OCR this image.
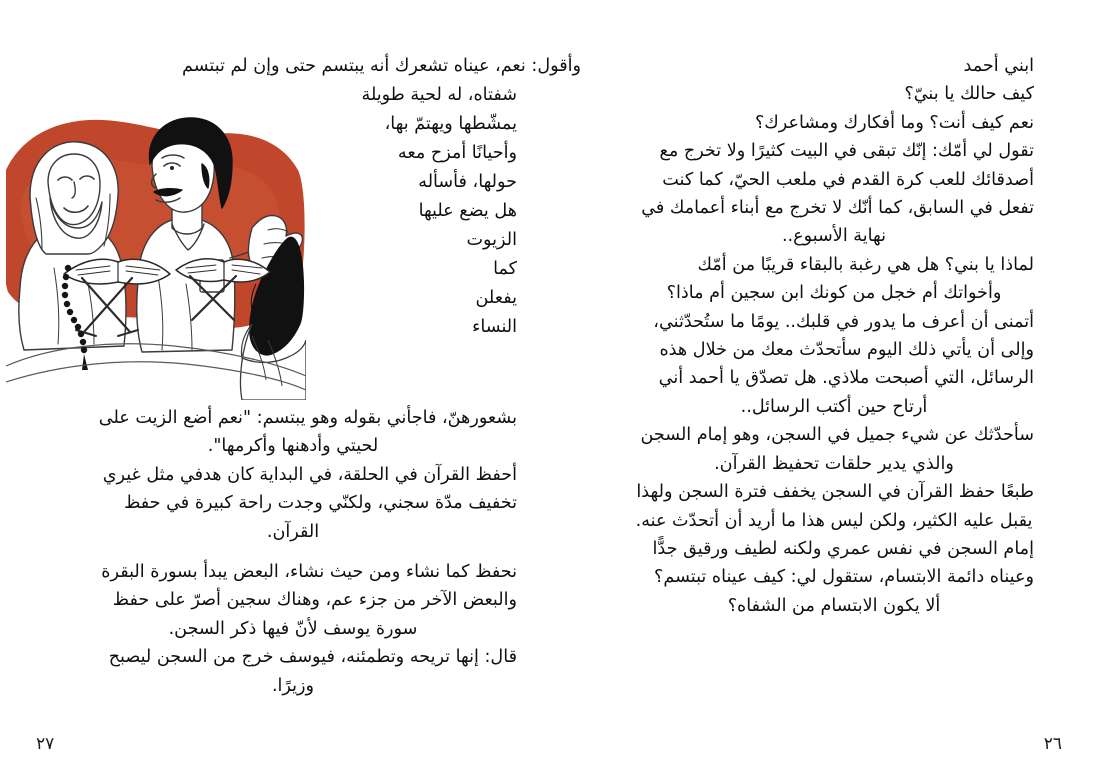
ابني أحمد

كيف حالك يا بنيّ؟

نعم كيف أنت؟ وما أفكارك ومشاعرك؟

تقول لي أمّك: إنّك تبقى في البيت كثيرًا ولا تخرج مع أصدقائك للعب كرة القدم في ملعب الحيّ، كما كنت تفعل في السابق، كما أنّك لا تخرج مع أبناء أعمامك في نهاية الأسبوع..

لماذا يا بني؟ هل هي رغبة بالبقاء قريبًا من أمّك وأخواتك أم خجل من كونك ابن سجين أم ماذا؟

أتمنى أن أعرف ما يدور في قلبك.. يومًا ما ستُحدّثني، وإلى أن يأتي ذلك اليوم سأتحدّث معك من خلال هذه الرسائل، التي أصبحت ملاذي. هل تصدّق يا أحمد أني أرتاح حين أكتب الرسائل..

سأحدّثك عن شيء جميل في السجن، وهو إمام السجن والذي يدير حلقات تحفيظ القرآن.

طبعًا حفظ القرآن في السجن يخفف فترة السجن ولهذا يقبل عليه الكثير، ولكن ليس هذا ما أريد أن أتحدّث عنه.

إمام السجن في نفس عمري ولكنه لطيف ورقيق جدًّا وعيناه دائمة الابتسام، ستقول لي: كيف عيناه تبتسم؟ ألا يكون الابتسام من الشفاه؟

٢٦
وأقول: نعم، عيناه تشعرك أنه يبتسم حتى وإن لم تبتسم
شفتاه، له لحية طويلة
يمشّطها ويهتمّ بها،
وأحيانًا أمزح معه
حولها، فأسأله
هل يضع عليها
الزيوت
كما
يفعلن
النساء

بشعورهنّ، فاجأني بقوله وهو يبتسم: "نعم أضع الزيت على لحيتي وأدهنها وأكرمها".

أحفظ القرآن في الحلقة، في البداية كان هدفي مثل غيري تخفيف مدّة سجني، ولكنّي وجدت راحة كبيرة في حفظ القرآن.

نحفظ كما نشاء ومن حيث نشاء، البعض يبدأ بسورة البقرة والبعض الآخر من جزء عم، وهناك سجين أصرّ على حفظ سورة يوسف لأنّ فيها ذكر السجن.

قال: إنها تريحه وتطمئنه، فيوسف خرج من السجن ليصبح وزيرًا.

٢٧
